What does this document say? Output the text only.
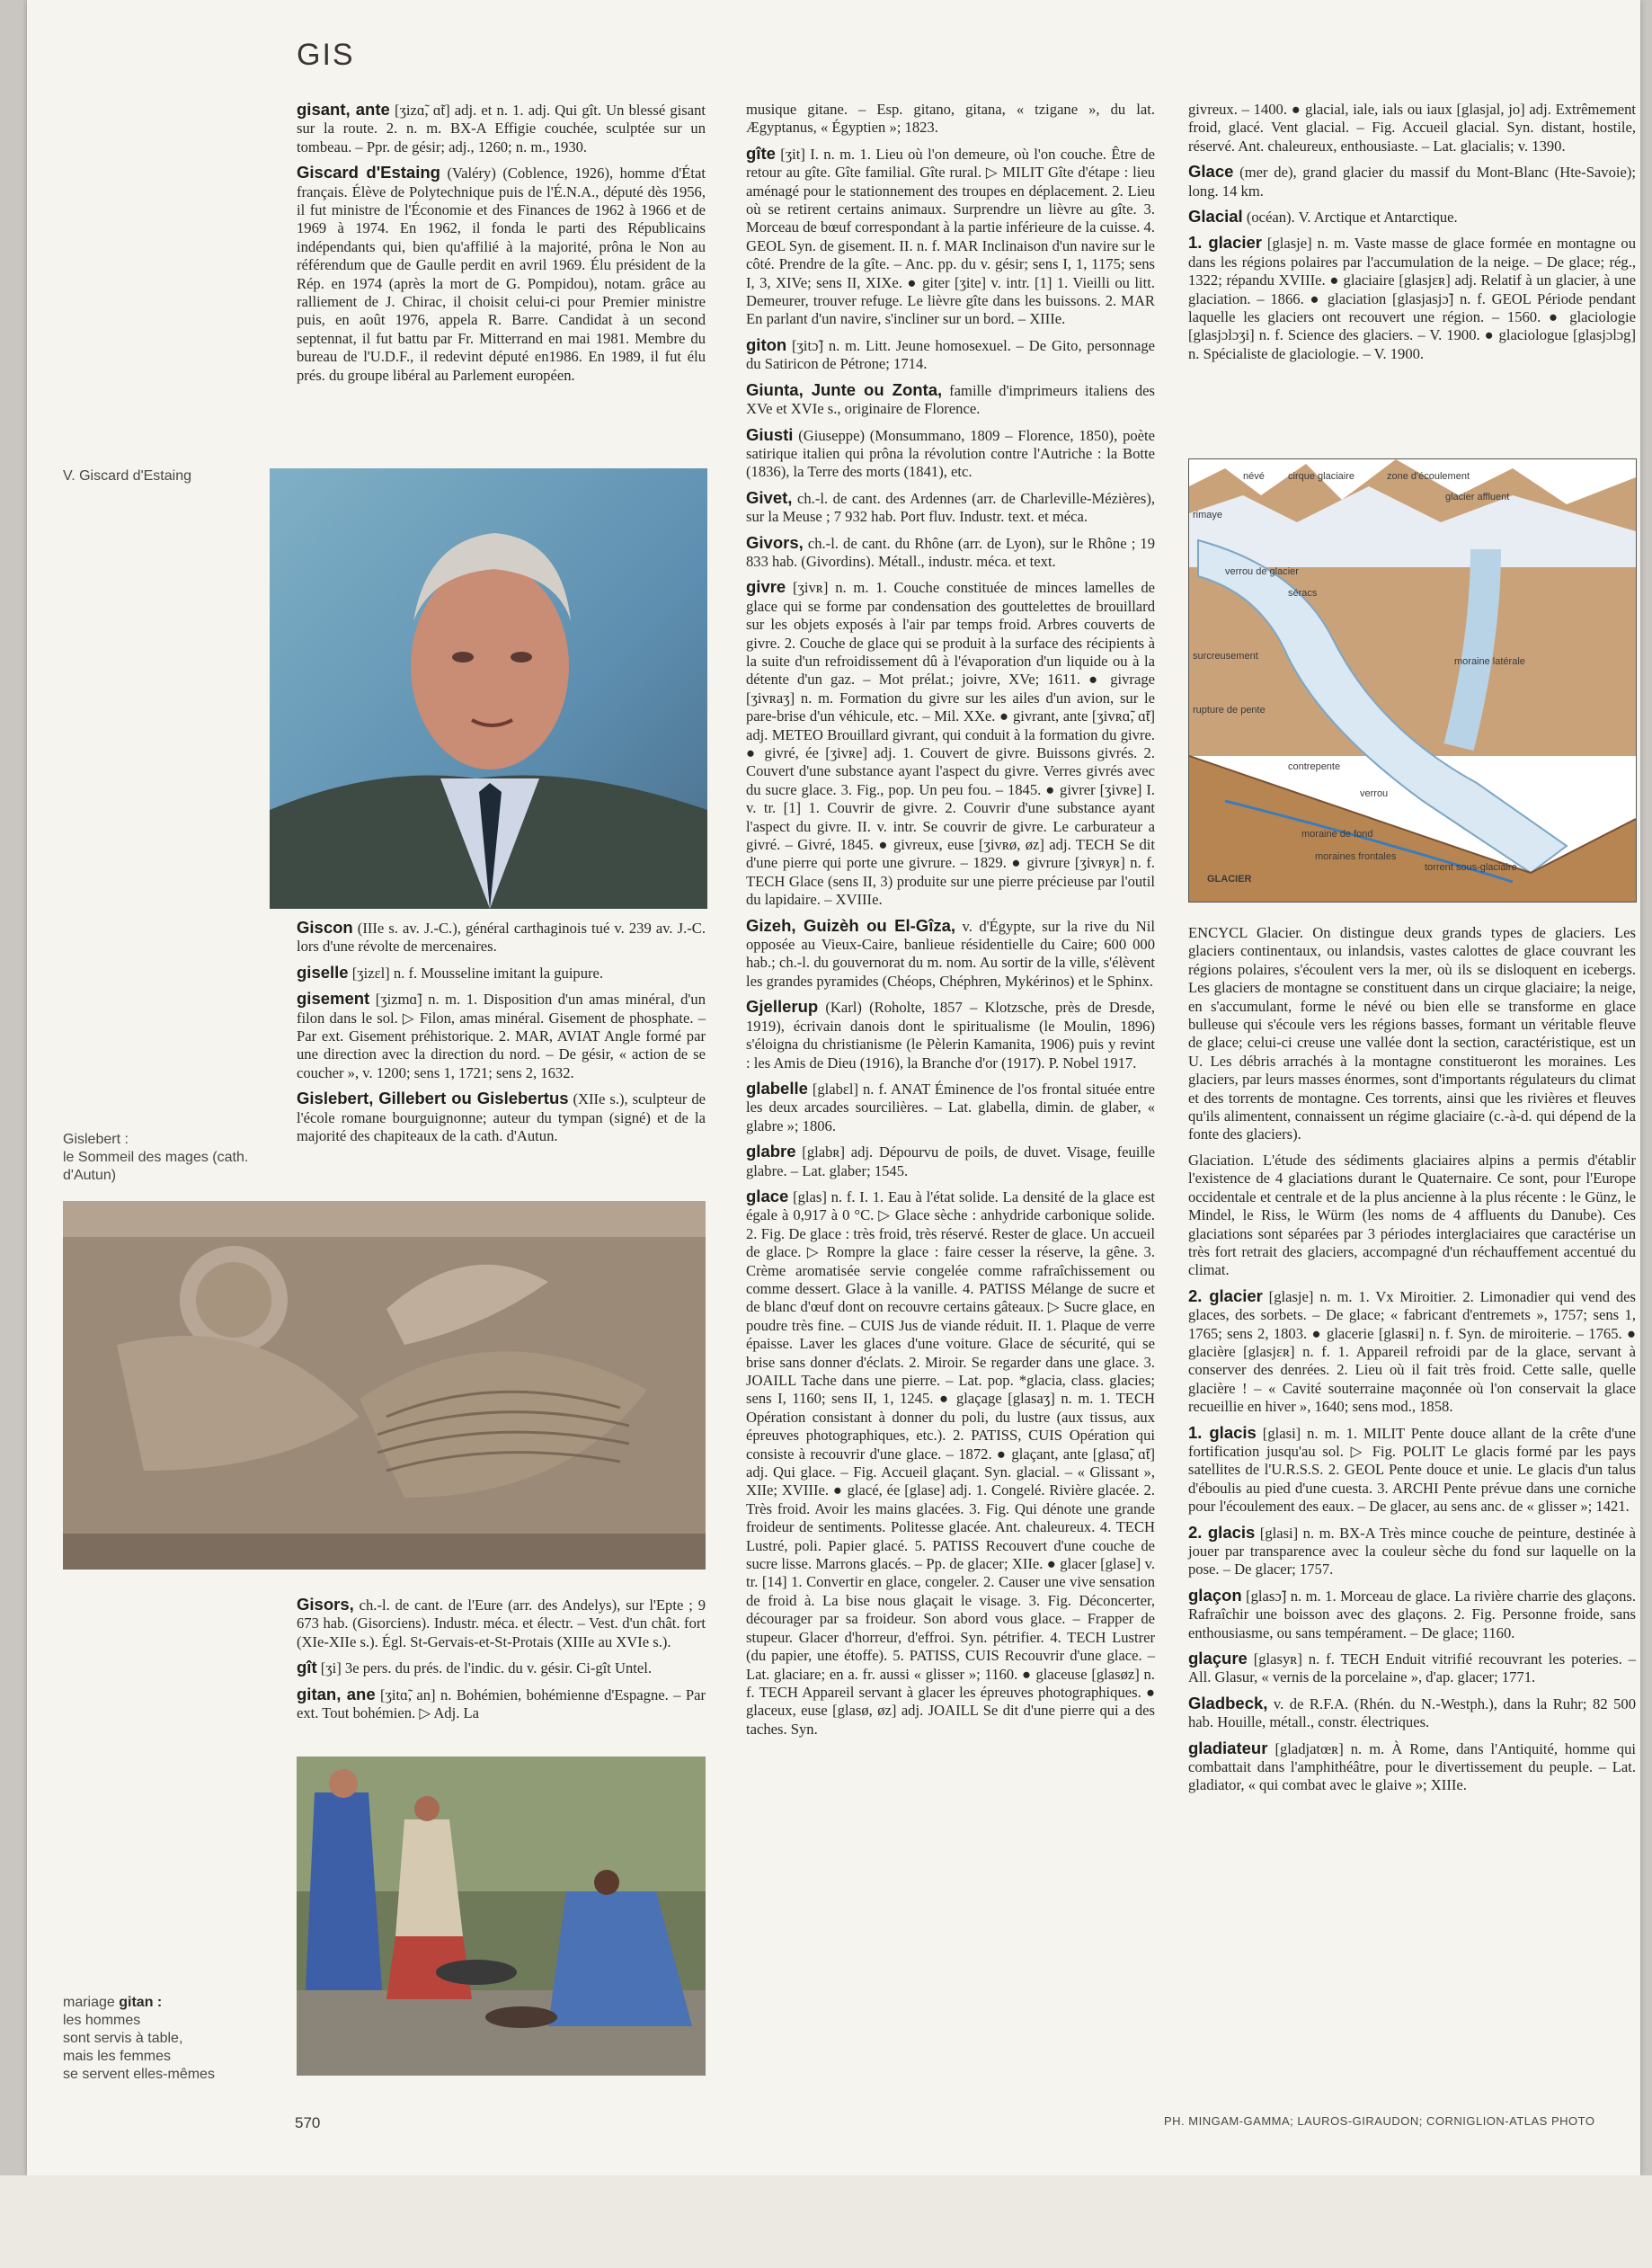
GIS

gisant, ante [ʒizɑ̃, ɑ̃t] adj. et n. 1. adj. Qui gît. Un blessé gisant sur la route. 2. n. m. BX-A Effigie couchée, sculptée sur un tombeau. – Ppr. de gésir; adj., 1260; n. m., 1930.

Giscard d'Estaing (Valéry) (Coblence, 1926), homme d'État français. Élève de Polytechnique puis de l'É.N.A., député dès 1956, il fut ministre de l'Économie et des Finances de 1962 à 1966 et de 1969 à 1974. En 1962, il fonda le parti des Républicains indépendants qui, bien qu'affilié à la majorité, prôna le Non au référendum que de Gaulle perdit en avril 1969. Élu président de la Rép. en 1974 (après la mort de G. Pompidou), notam. grâce au ralliement de J. Chirac, il choisit celui-ci pour Premier ministre puis, en août 1976, appela R. Barre. Candidat à un second septennat, il fut battu par Fr. Mitterrand en mai 1981. Membre du bureau de l'U.D.F., il redevint député en1986. En 1989, il fut élu prés. du groupe libéral au Parlement européen.

V. Giscard d'Estaing

Giscon (IIIe s. av. J.-C.), général carthaginois tué v. 239 av. J.-C. lors d'une révolte de mercenaires.

giselle [ʒizɛl] n. f. Mousseline imitant la guipure.

gisement [ʒizmɑ̃] n. m. 1. Disposition d'un amas minéral, d'un filon dans le sol. ▷ Filon, amas minéral. Gisement de phosphate. – Par ext. Gisement préhistorique. 2. MAR, AVIAT Angle formé par une direction avec la direction du nord. – De gésir, « action de se coucher », v. 1200; sens 1, 1721; sens 2, 1632.

Gislebert, Gillebert ou Gislebertus (XIIe s.), sculpteur de l'école romane bourguignonne; auteur du tympan (signé) et de la majorité des chapiteaux de la cath. d'Autun.

Gislebert :
le Sommeil des mages (cath. d'Autun)

Gisors, ch.-l. de cant. de l'Eure (arr. des Andelys), sur l'Epte ; 9 673 hab. (Gisorciens). Industr. méca. et électr. – Vest. d'un chât. fort (XIe-XIIe s.). Égl. St-Gervais-et-St-Protais (XIIIe au XVIe s.).

gît [ʒi] 3e pers. du prés. de l'indic. du v. gésir. Ci-gît Untel.

gitan, ane [ʒitɑ̃, an] n. Bohémien, bohémienne d'Espagne. – Par ext. Tout bohémien. ▷ Adj. La

mariage gitan :
les hommes
sont servis à table,
mais les femmes
se servent elles-mêmes

musique gitane. – Esp. gitano, gitana, « tzigane », du lat. Ægyptanus, « Égyptien »; 1823.

gîte [ʒit] I. n. m. 1. Lieu où l'on demeure, où l'on couche. Être de retour au gîte. Gîte familial. Gîte rural. ▷ MILIT Gîte d'étape : lieu aménagé pour le stationnement des troupes en déplacement. 2. Lieu où se retirent certains animaux. Surprendre un lièvre au gîte. 3. Morceau de bœuf correspondant à la partie inférieure de la cuisse. 4. GEOL Syn. de gisement. II. n. f. MAR Inclinaison d'un navire sur le côté. Prendre de la gîte. – Anc. pp. du v. gésir; sens I, 1, 1175; sens I, 3, XIVe; sens II, XIXe. ● giter [ʒite] v. intr. [1] 1. Vieilli ou litt. Demeurer, trouver refuge. Le lièvre gîte dans les buissons. 2. MAR En parlant d'un navire, s'incliner sur un bord. – XIIIe.

giton [ʒitɔ̃] n. m. Litt. Jeune homosexuel. – De Gito, personnage du Satiricon de Pétrone; 1714.

Giunta, Junte ou Zonta, famille d'imprimeurs italiens des XVe et XVIe s., originaire de Florence.

Giusti (Giuseppe) (Monsummano, 1809 – Florence, 1850), poète satirique italien qui prôna la révolution contre l'Autriche : la Botte (1836), la Terre des morts (1841), etc.

Givet, ch.-l. de cant. des Ardennes (arr. de Charleville-Mézières), sur la Meuse ; 7 932 hab. Port fluv. Industr. text. et méca.

Givors, ch.-l. de cant. du Rhône (arr. de Lyon), sur le Rhône ; 19 833 hab. (Givordins). Métall., industr. méca. et text.

givre [ʒivʀ] n. m. 1. Couche constituée de minces lamelles de glace qui se forme par condensation des gouttelettes de brouillard sur les objets exposés à l'air par temps froid. Arbres couverts de givre. 2. Couche de glace qui se produit à la surface des récipients à la suite d'un refroidissement dû à l'évaporation d'un liquide ou à la détente d'un gaz. – Mot prélat.; joivre, XVe; 1611. ● givrage [ʒivʀaʒ] n. m. Formation du givre sur les ailes d'un avion, sur le pare-brise d'un véhicule, etc. – Mil. XXe. ● givrant, ante [ʒivʀɑ̃, ɑ̃t] adj. METEO Brouillard givrant, qui conduit à la formation du givre. ● givré, ée [ʒivʀe] adj. 1. Couvert de givre. Buissons givrés. 2. Couvert d'une substance ayant l'aspect du givre. Verres givrés avec du sucre glace. 3. Fig., pop. Un peu fou. – 1845. ● givrer [ʒivʀe] I. v. tr. [1] 1. Couvrir de givre. 2. Couvrir d'une substance ayant l'aspect du givre. II. v. intr. Se couvrir de givre. Le carburateur a givré. – Givré, 1845. ● givreux, euse [ʒivʀø, øz] adj. TECH Se dit d'une pierre qui porte une givrure. – 1829. ● givrure [ʒivʀyʀ] n. f. TECH Glace (sens II, 3) produite sur une pierre précieuse par l'outil du lapidaire. – XVIIIe.

Gizeh, Guizèh ou El-Gîza, v. d'Égypte, sur la rive du Nil opposée au Vieux-Caire, banlieue résidentielle du Caire; 600 000 hab.; ch.-l. du gouvernorat du m. nom. Au sortir de la ville, s'élèvent les grandes pyramides (Chéops, Chéphren, Mykérinos) et le Sphinx.

Gjellerup (Karl) (Roholte, 1857 – Klotzsche, près de Dresde, 1919), écrivain danois dont le spiritualisme (le Moulin, 1896) s'éloigna du christianisme (le Pèlerin Kamanita, 1906) puis y revint : les Amis de Dieu (1916), la Branche d'or (1917). P. Nobel 1917.

glabelle [glabɛl] n. f. ANAT Éminence de l'os frontal située entre les deux arcades sourcilières. – Lat. glabella, dimin. de glaber, « glabre »; 1806.

glabre [glabʀ] adj. Dépourvu de poils, de duvet. Visage, feuille glabre. – Lat. glaber; 1545.

glace [glas] n. f. I. 1. Eau à l'état solide. La densité de la glace est égale à 0,917 à 0 °C. ▷ Glace sèche : anhydride carbonique solide. 2. Fig. De glace : très froid, très réservé. Rester de glace. Un accueil de glace. ▷ Rompre la glace : faire cesser la réserve, la gêne. 3. Crème aromatisée servie congelée comme rafraîchissement ou comme dessert. Glace à la vanille. 4. PATISS Mélange de sucre et de blanc d'œuf dont on recouvre certains gâteaux. ▷ Sucre glace, en poudre très fine. – CUIS Jus de viande réduit. II. 1. Plaque de verre épaisse. Laver les glaces d'une voiture. Glace de sécurité, qui se brise sans donner d'éclats. 2. Miroir. Se regarder dans une glace. 3. JOAILL Tache dans une pierre. – Lat. pop. *glacia, class. glacies; sens I, 1160; sens II, 1, 1245. ● glaçage [glasaʒ] n. m. 1. TECH Opération consistant à donner du poli, du lustre (aux tissus, aux épreuves photographiques, etc.). 2. PATISS, CUIS Opération qui consiste à recouvrir d'une glace. – 1872. ● glaçant, ante [glasɑ̃, ɑ̃t] adj. Qui glace. – Fig. Accueil glaçant. Syn. glacial. – « Glissant », XIIe; XVIIIe. ● glacé, ée [glase] adj. 1. Congelé. Rivière glacée. 2. Très froid. Avoir les mains glacées. 3. Fig. Qui dénote une grande froideur de sentiments. Politesse glacée. Ant. chaleureux. 4. TECH Lustré, poli. Papier glacé. 5. PATISS Recouvert d'une couche de sucre lisse. Marrons glacés. – Pp. de glacer; XIIe. ● glacer [glase] v. tr. [14] 1. Convertir en glace, congeler. 2. Causer une vive sensation de froid à. La bise nous glaçait le visage. 3. Fig. Déconcerter, décourager par sa froideur. Son abord vous glace. – Frapper de stupeur. Glacer d'horreur, d'effroi. Syn. pétrifier. 4. TECH Lustrer (du papier, une étoffe). 5. PATISS, CUIS Recouvrir d'une glace. – Lat. glaciare; en a. fr. aussi « glisser »; 1160. ● glaceuse [glasøz] n. f. TECH Appareil servant à glacer les épreuves photographiques. ● glaceux, euse [glasø, øz] adj. JOAILL Se dit d'une pierre qui a des taches. Syn.

givreux. – 1400. ● glacial, iale, ials ou iaux [glasjal, jo] adj. Extrêmement froid, glacé. Vent glacial. – Fig. Accueil glacial. Syn. distant, hostile, réservé. Ant. chaleureux, enthousiaste. – Lat. glacialis; v. 1390.

Glace (mer de), grand glacier du massif du Mont-Blanc (Hte-Savoie); long. 14 km.

Glacial (océan). V. Arctique et Antarctique.

1. glacier [glasje] n. m. Vaste masse de glace formée en montagne ou dans les régions polaires par l'accumulation de la neige. – De glace; rég., 1322; répandu XVIIIe. ● glaciaire [glasjɛʀ] adj. Relatif à un glacier, à une glaciation. – 1866. ● glaciation [glasjasjɔ̃] n. f. GEOL Période pendant laquelle les glaciers ont recouvert une région. – 1560. ● glaciologie [glasjɔlɔʒi] n. f. Science des glaciers. – V. 1900. ● glaciologue [glasjɔlɔg] n. Spécialiste de glaciologie. – V. 1900.

GLACIER
névé cirque glaciaire	zone d'écoulement
glacier affluent
rimaye
verrou de glacier
séracs
surcreusement	moraine latérale
rupture de pente
contrepente
verrou
moraine de fond
moraines frontales
torrent sous-glaciaire

ENCYCL Glacier. On distingue deux grands types de glaciers. Les glaciers continentaux, ou inlandsis, vastes calottes de glace couvrant les régions polaires, s'écoulent vers la mer, où ils se disloquent en icebergs. Les glaciers de montagne se constituent dans un cirque glaciaire; la neige, en s'accumulant, forme le névé ou bien elle se transforme en glace bulleuse qui s'écoule vers les régions basses, formant un véritable fleuve de glace; celui-ci creuse une vallée dont la section, caractéristique, est un U. Les débris arrachés à la montagne constitueront les moraines. Les glaciers, par leurs masses énormes, sont d'importants régulateurs du climat et des torrents de montagne. Ces torrents, ainsi que les rivières et fleuves qu'ils alimentent, connaissent un régime glaciaire (c.-à-d. qui dépend de la fonte des glaciers).

Glaciation. L'étude des sédiments glaciaires alpins a permis d'établir l'existence de 4 glaciations durant le Quaternaire. Ce sont, pour l'Europe occidentale et centrale et de la plus ancienne à la plus récente : le Günz, le Mindel, le Riss, le Würm (les noms de 4 affluents du Danube). Ces glaciations sont séparées par 3 périodes interglaciaires que caractérise un très fort retrait des glaciers, accompagné d'un réchauffement accentué du climat.

2. glacier [glasje] n. m. 1. Vx Miroitier. 2. Limonadier qui vend des glaces, des sorbets. – De glace; « fabricant d'entremets », 1757; sens 1, 1765; sens 2, 1803. ● glacerie [glasʀi] n. f. Syn. de miroiterie. – 1765. ● glacière [glasjɛʀ] n. f. 1. Appareil refroidi par de la glace, servant à conserver des denrées. 2. Lieu où il fait très froid. Cette salle, quelle glacière ! – « Cavité souterraine maçonnée où l'on conservait la glace recueillie en hiver », 1640; sens mod., 1858.

1. glacis [glasi] n. m. 1. MILIT Pente douce allant de la crête d'une fortification jusqu'au sol. ▷ Fig. POLIT Le glacis formé par les pays satellites de l'U.R.S.S. 2. GEOL Pente douce et unie. Le glacis d'un talus d'éboulis au pied d'une cuesta. 3. ARCHI Pente prévue dans une corniche pour l'écoulement des eaux. – De glacer, au sens anc. de « glisser »; 1421.

2. glacis [glasi] n. m. BX-A Très mince couche de peinture, destinée à jouer par transparence avec la couleur sèche du fond sur laquelle on la pose. – De glacer; 1757.

glaçon [glasɔ̃] n. m. 1. Morceau de glace. La rivière charrie des glaçons. Rafraîchir une boisson avec des glaçons. 2. Fig. Personne froide, sans enthousiasme, ou sans tempérament. – De glace; 1160.

glaçure [glasyʀ] n. f. TECH Enduit vitrifié recouvrant les poteries. – All. Glasur, « vernis de la porcelaine », d'ap. glacer; 1771.

Gladbeck, v. de R.F.A. (Rhén. du N.-Westph.), dans la Ruhr; 82 500 hab. Houille, métall., constr. électriques.

gladiateur [gladjatœʀ] n. m. À Rome, dans l'Antiquité, homme qui combattait dans l'amphithéâtre, pour le divertissement du peuple. – Lat. gladiator, « qui combat avec le glaive »; XIIIe.

570	PH. MINGAM-GAMMA; LAUROS-GIRAUDON; CORNIGLION-ATLAS PHOTO
